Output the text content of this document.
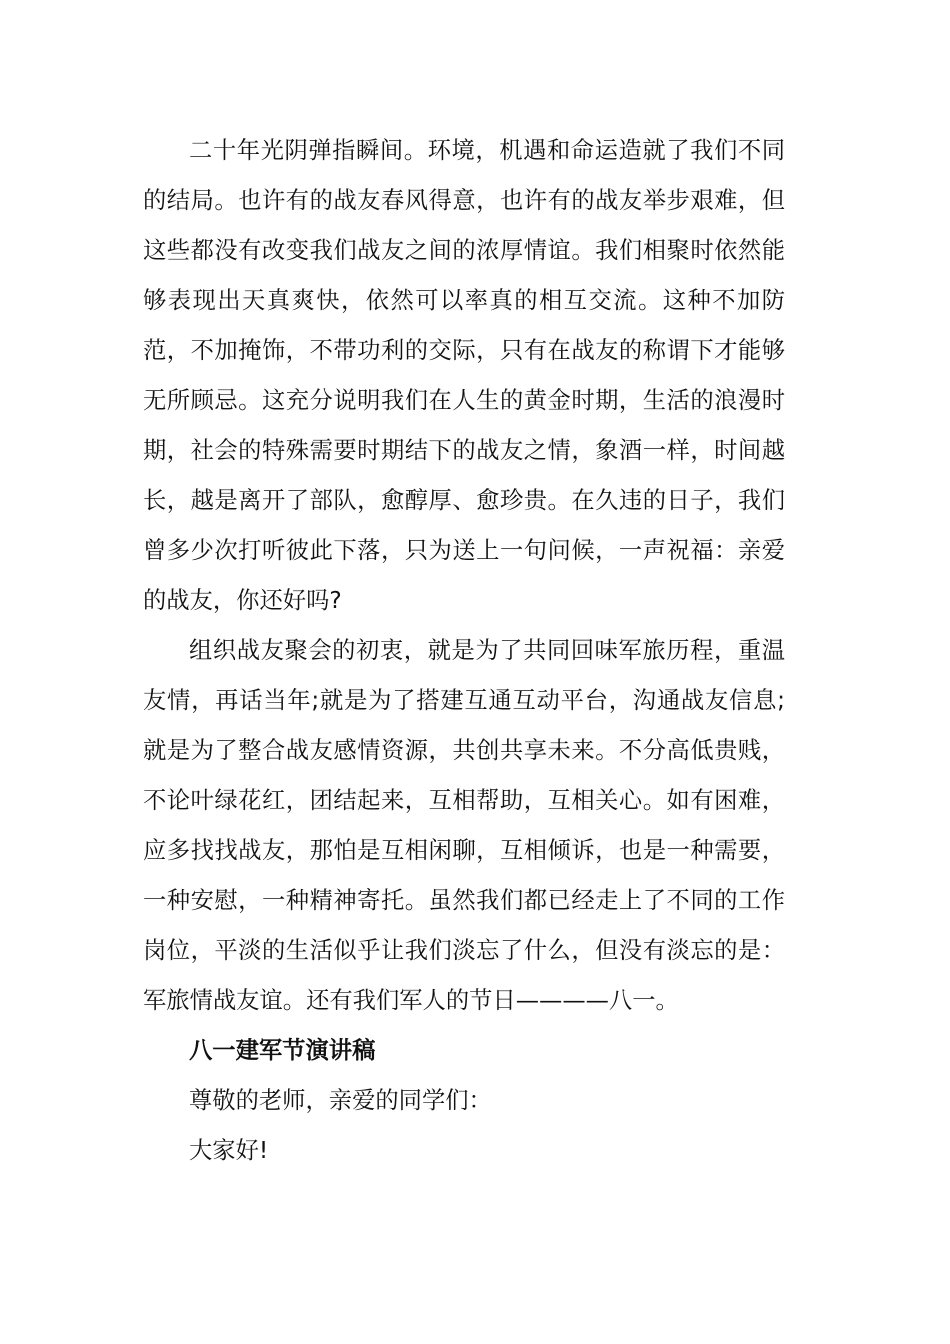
二十年光阴弹指瞬间。环境，机遇和命运造就了我们不同的结局。也许有的战友春风得意，也许有的战友举步艰难，但这些都没有改变我们战友之间的浓厚情谊。我们相聚时依然能够表现出天真爽快，依然可以率真的相互交流。这种不加防范，不加掩饰，不带功利的交际，只有在战友的称谓下才能够无所顾忌。这充分说明我们在人生的黄金时期，生活的浪漫时期，社会的特殊需要时期结下的战友之情，象酒一样，时间越长，越是离开了部队，愈醇厚、愈珍贵。在久违的日子，我们曾多少次打听彼此下落，只为送上一句问候，一声祝福：亲爱的战友，你还好吗?

组织战友聚会的初衷，就是为了共同回味军旅历程，重温友情，再话当年;就是为了搭建互通互动平台，沟通战友信息;就是为了整合战友感情资源，共创共享未来。不分高低贵贱，不论叶绿花红，团结起来，互相帮助，互相关心。如有困难，应多找找战友，那怕是互相闲聊，互相倾诉，也是一种需要，一种安慰，一种精神寄托。虽然我们都已经走上了不同的工作岗位，平淡的生活似乎让我们淡忘了什么，但没有淡忘的是：军旅情战友谊。还有我们军人的节日————八一。

八一建军节演讲稿

尊敬的老师，亲爱的同学们：

大家好!
